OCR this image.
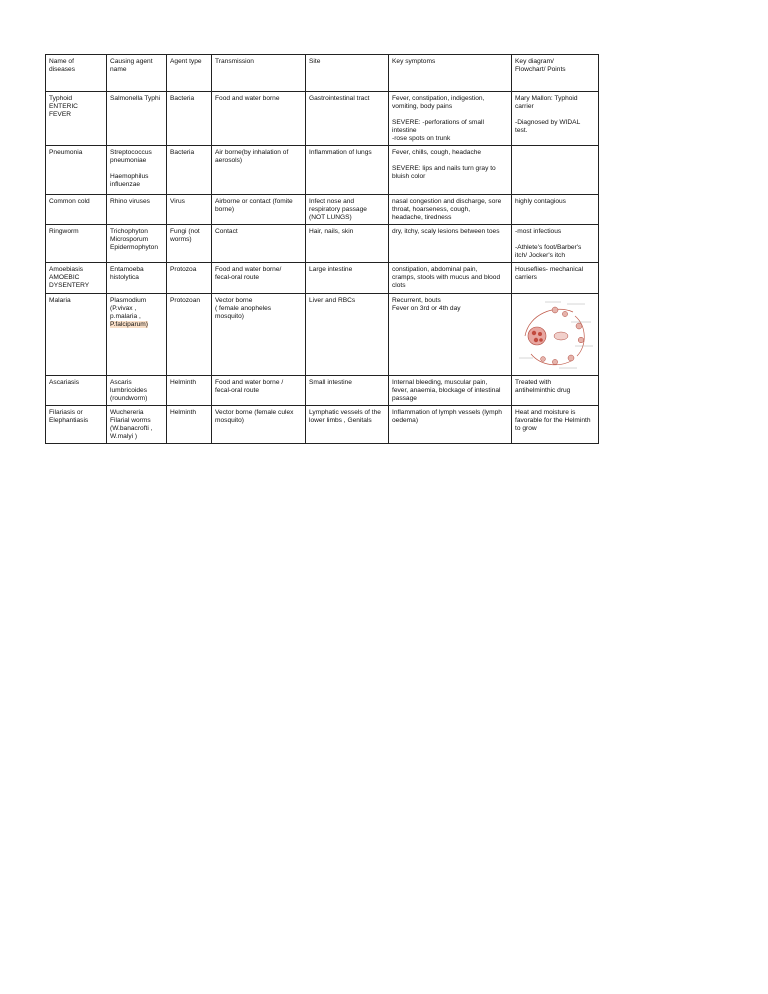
Name of
diseases	Causing agent
name	Agent type	Transmission	Site	Key symptoms	Key diagram/
Flowchart/ Points

Typhoid
ENTERIC
FEVER	Salmonella Typhi	Bacteria	Food and water borne	Gastrointestinal tract	Fever, constipation, indigestion,
vomiting, body pains
SEVERE: -perforations of small
intestine
-rose spots on trunk	Mary Mallon: Typhoid
carrier
-Diagnosed by WIDAL
test.

Pneumonia	Streptococcus
pneumoniae
Haemophilus
influenzae	Bacteria	Air borne(by inhalation of
aerosols)	Inflammation of lungs	Fever, chills, cough, headache
SEVERE: lips and nails turn gray to
bluish color	

Common cold	Rhino viruses	Virus	Airborne or contact (fomite
borne)	Infect nose and
respiratory passage
(NOT LUNGS)	nasal congestion and discharge, sore
throat, hoarseness, cough,
headache, tiredness	highly contagious

Ringworm	Trichophyton
Microsporum
Epidermophyton	Fungi (not
worms)	Contact	Hair, nails, skin	dry, itchy, scaly lesions between toes	-most infectious
-Athlete's foot/Barber's
itch/ Jocker's itch

Amoebiasis
AMOEBIC
DYSENTERY	Entamoeba
histolytica	Protozoa	Food and water borne/
fecal-oral route	Large intestine	constipation, abdominal pain,
cramps, stools with mucus and blood
clots	Houseflies- mechanical
carriers

Malaria	Plasmodium
(P.vivax ,
p.malaria ,
P.falciparum)	Protozoan	Vector borne
( female anopheles
mosquito)	Liver and RBCs	Recurrent, bouts
Fever on 3rd or 4th day

Ascariasis	Ascaris
lumbricoides
(roundworm)	Helminth	Food and water borne /
fecal-oral route	Small intestine	Internal bleeding, muscular pain,
fever, anaemia, blockage of intestinal
passage	Treated with
antihelminthic drug

Filariasis or
Elephantiasis	Wuchereria
Filarial worms
(W.banacrofti ,
W.malyi )	Helminth	Vector borne (female culex
mosquito)	Lymphatic vessels of the
lower limbs , Genitals	Inflammation of lymph vessels (lymph
oedema)	Heat and moisture is
favorable for the Helminth
to grow
